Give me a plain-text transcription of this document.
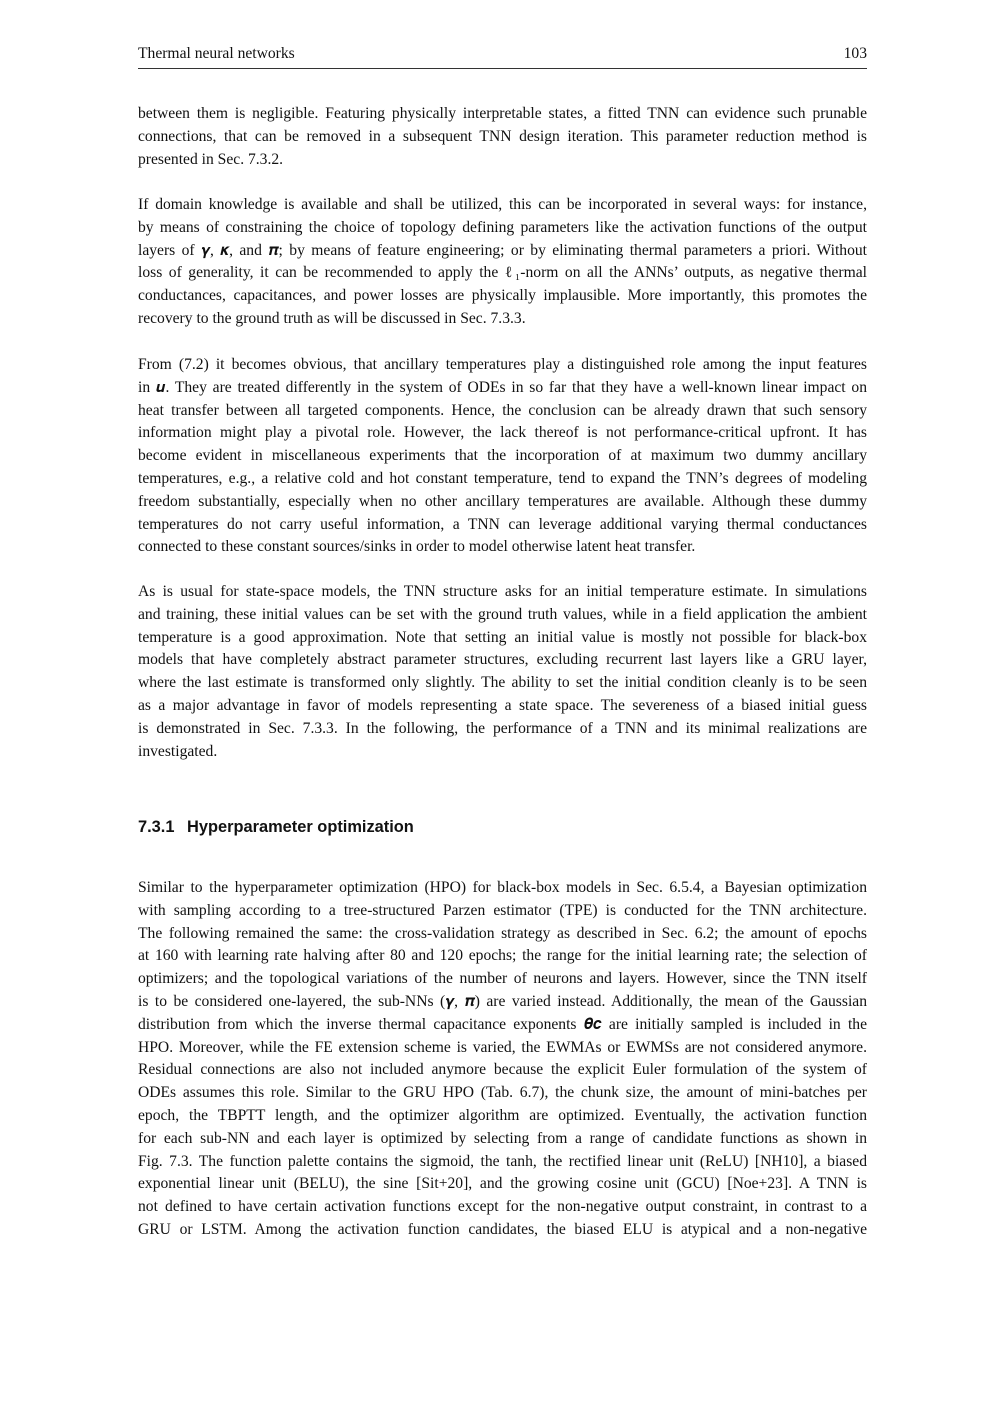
Thermal neural networks	103
between them is negligible. Featuring physically interpretable states, a fitted TNN can evidence such prunable
connections, that can be removed in a subsequent TNN design iteration. This parameter reduction method is
presented in Sec. 7.3.2.
If domain knowledge is available and shall be utilized, this can be incorporated in several ways: for instance,
by means of constraining the choice of topology defining parameters like the activation functions of the output
layers of 𝜸, 𝜿, and 𝝅; by means of feature engineering; or by eliminating thermal parameters a priori. Without
loss of generality, it can be recommended to apply the ℓ₁-norm on all the ANNs’ outputs, as negative thermal
conductances, capacitances, and power losses are physically implausible. More importantly, this promotes the
recovery to the ground truth as will be discussed in Sec. 7.3.3.
From (7.2) it becomes obvious, that ancillary temperatures play a distinguished role among the input features
in 𝒖. They are treated differently in the system of ODEs in so far that they have a well-known linear impact on
heat transfer between all targeted components. Hence, the conclusion can be already drawn that such sensory
information might play a pivotal role. However, the lack thereof is not performance-critical upfront. It has
become evident in miscellaneous experiments that the incorporation of at maximum two dummy ancillary
temperatures, e.g., a relative cold and hot constant temperature, tend to expand the TNN’s degrees of modeling
freedom substantially, especially when no other ancillary temperatures are available. Although these dummy
temperatures do not carry useful information, a TNN can leverage additional varying thermal conductances
connected to these constant sources/sinks in order to model otherwise latent heat transfer.
As is usual for state-space models, the TNN structure asks for an initial temperature estimate. In simulations
and training, these initial values can be set with the ground truth values, while in a field application the ambient
temperature is a good approximation. Note that setting an initial value is mostly not possible for black-box
models that have completely abstract parameter structures, excluding recurrent last layers like a GRU layer,
where the last estimate is transformed only slightly. The ability to set the initial condition cleanly is to be seen
as a major advantage in favor of models representing a state space. The severeness of a biased initial guess
is demonstrated in Sec. 7.3.3. In the following, the performance of a TNN and its minimal realizations are
investigated.
7.3.1 Hyperparameter optimization
Similar to the hyperparameter optimization (HPO) for black-box models in Sec. 6.5.4, a Bayesian optimization
with sampling according to a tree-structured Parzen estimator (TPE) is conducted for the TNN architecture.
The following remained the same: the cross-validation strategy as described in Sec. 6.2; the amount of epochs
at 160 with learning rate halving after 80 and 120 epochs; the range for the initial learning rate; the selection of
optimizers; and the topological variations of the number of neurons and layers. However, since the TNN itself
is to be considered one-layered, the sub-NNs (𝜸, 𝝅) are varied instead. Additionally, the mean of the Gaussian
distribution from which the inverse thermal capacitance exponents 𝜽𝒄 are initially sampled is included in the
HPO. Moreover, while the FE extension scheme is varied, the EWMAs or EWMSs are not considered anymore.
Residual connections are also not included anymore because the explicit Euler formulation of the system of
ODEs assumes this role. Similar to the GRU HPO (Tab. 6.7), the chunk size, the amount of mini-batches per
epoch, the TBPTT length, and the optimizer algorithm are optimized. Eventually, the activation function
for each sub-NN and each layer is optimized by selecting from a range of candidate functions as shown in
Fig. 7.3. The function palette contains the sigmoid, the tanh, the rectified linear unit (ReLU) [NH10], a biased
exponential linear unit (BELU), the sine [Sit+20], and the growing cosine unit (GCU) [Noe+23]. A TNN is
not defined to have certain activation functions except for the non-negative output constraint, in contrast to a
GRU or LSTM. Among the activation function candidates, the biased ELU is atypical and a non-negative
